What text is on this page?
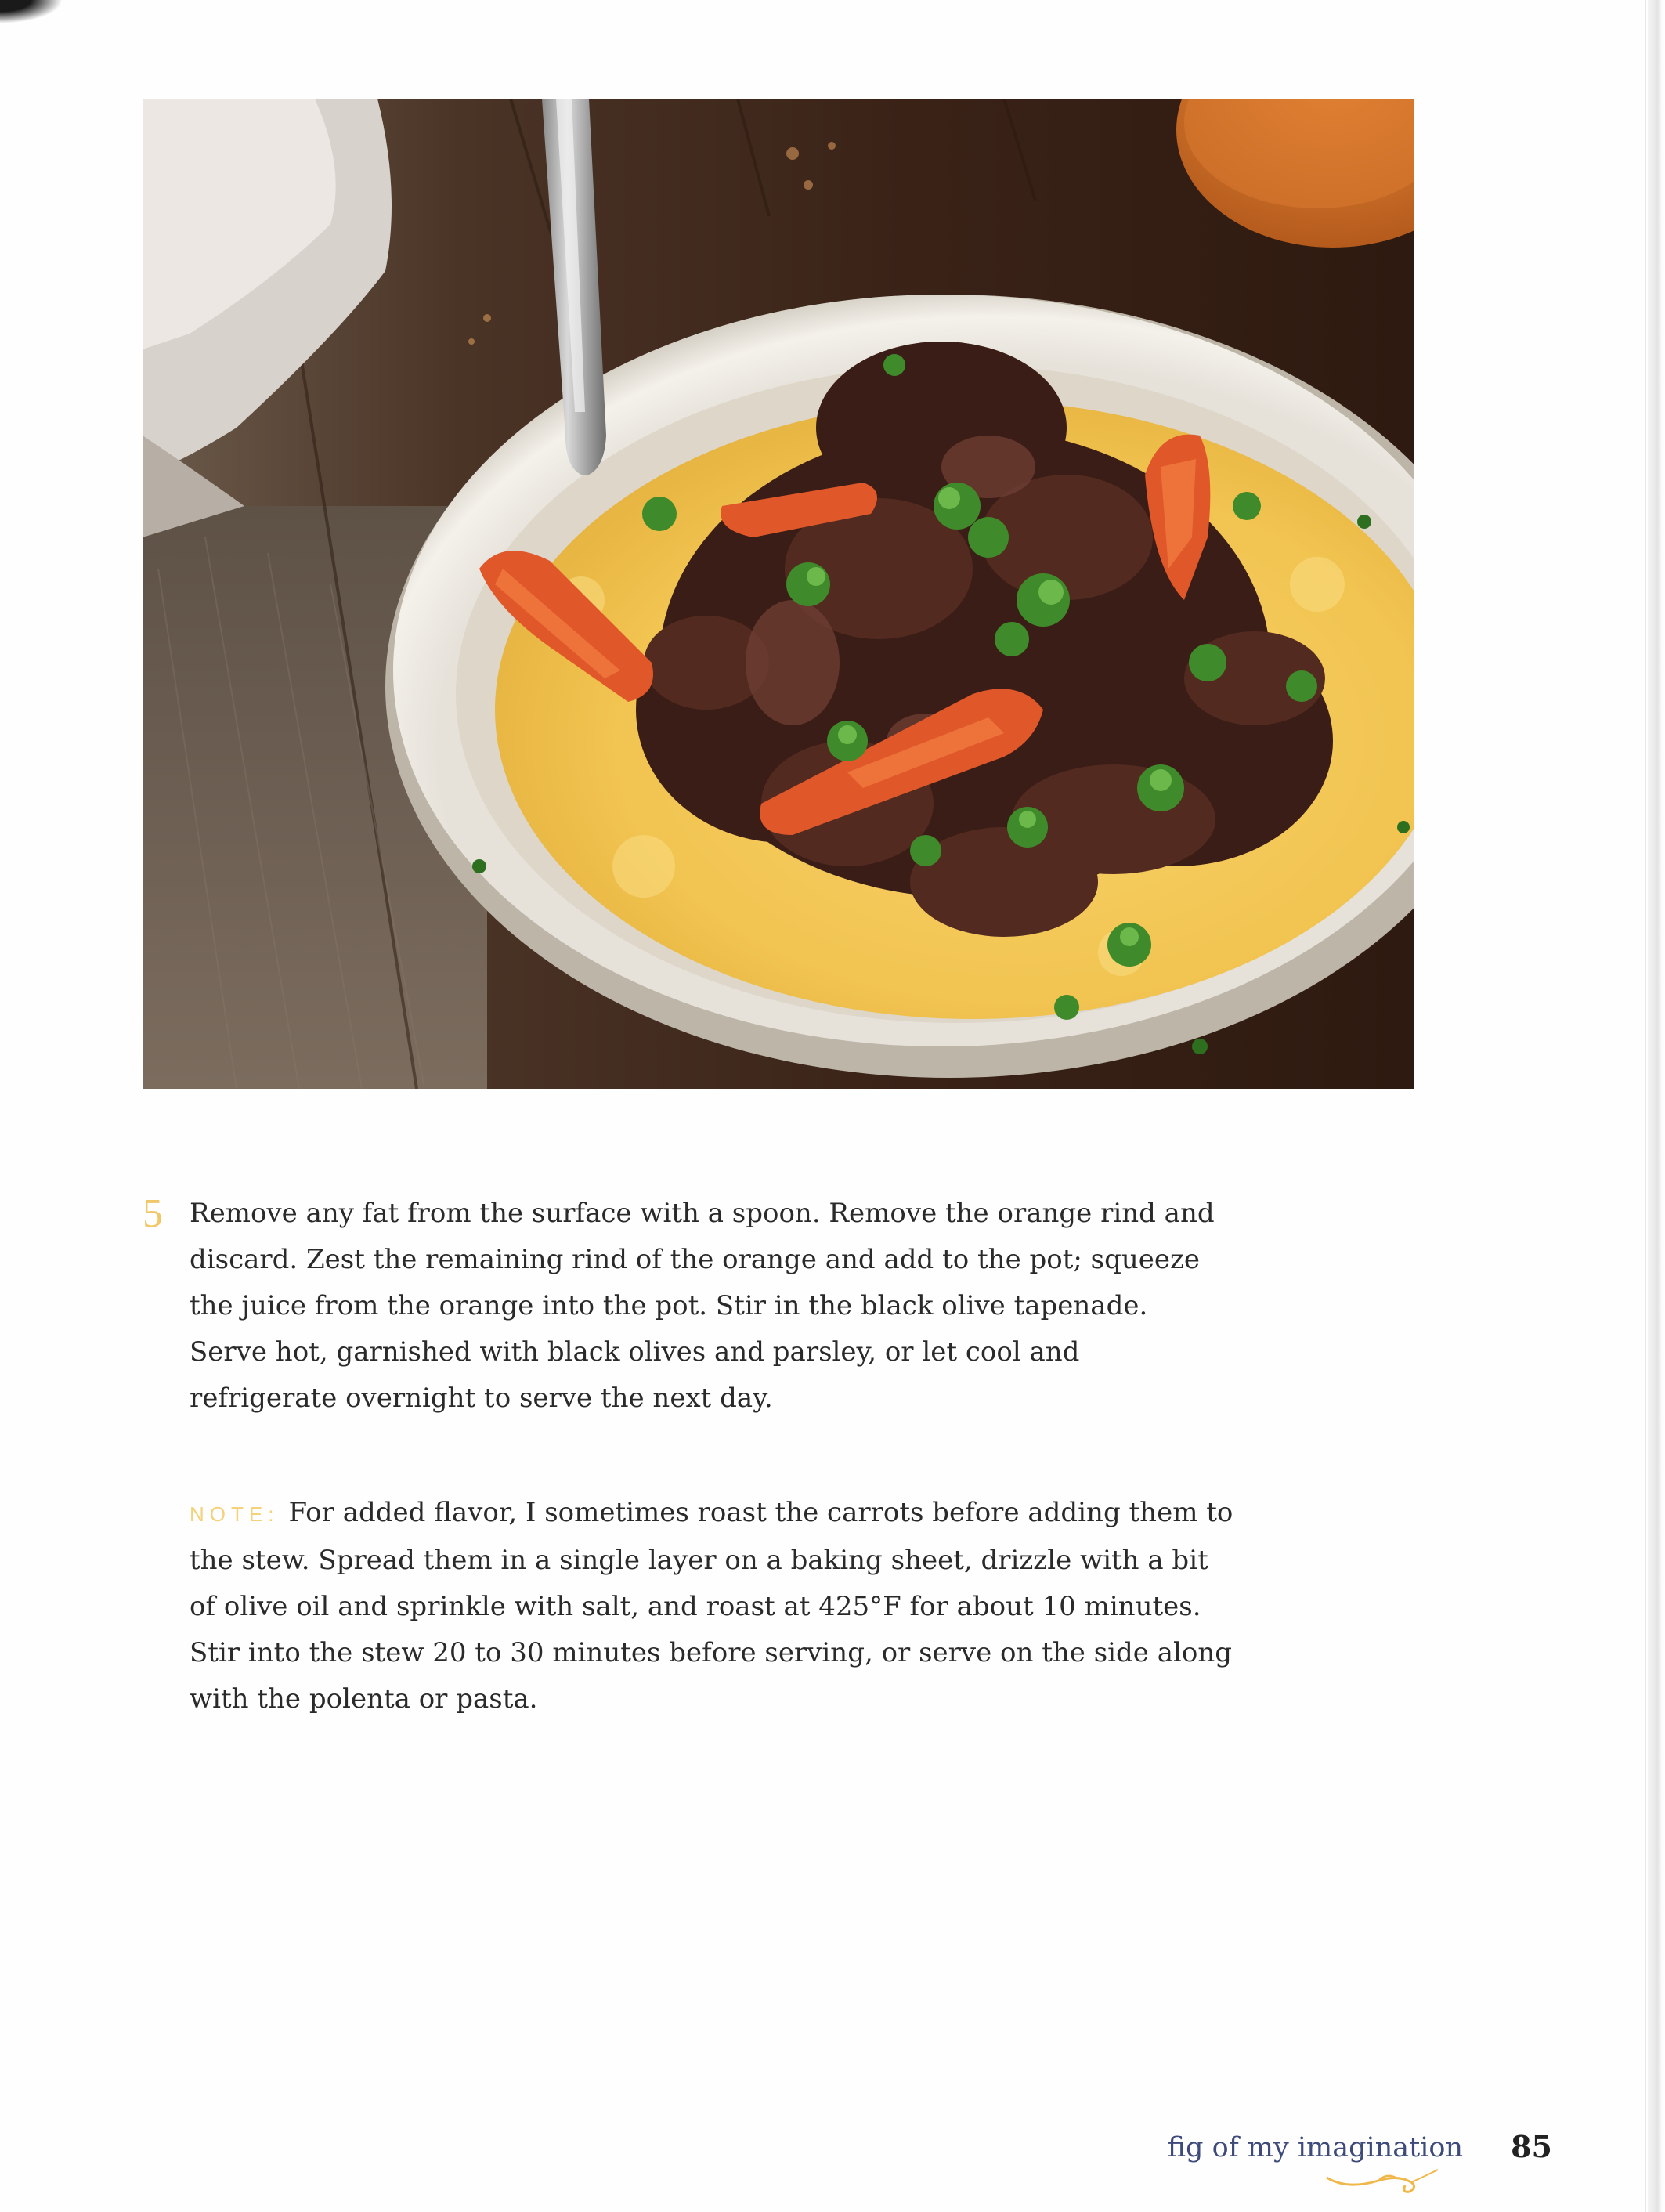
5 Remove any fat from the surface with a spoon. Remove the orange rind and discard. Zest the remaining rind of the orange and add to the pot; squeeze the juice from the orange into the pot. Stir in the black olive tapenade. Serve hot, garnished with black olives and parsley, or let cool and refrigerate overnight to serve the next day.

NOTE: For added flavor, I sometimes roast the carrots before adding them to the stew. Spread them in a single layer on a baking sheet, drizzle with a bit of olive oil and sprinkle with salt, and roast at 425°F for about 10 minutes. Stir into the stew 20 to 30 minutes before serving, or serve on the side along with the polenta or pasta.
fig of my imagination 85
